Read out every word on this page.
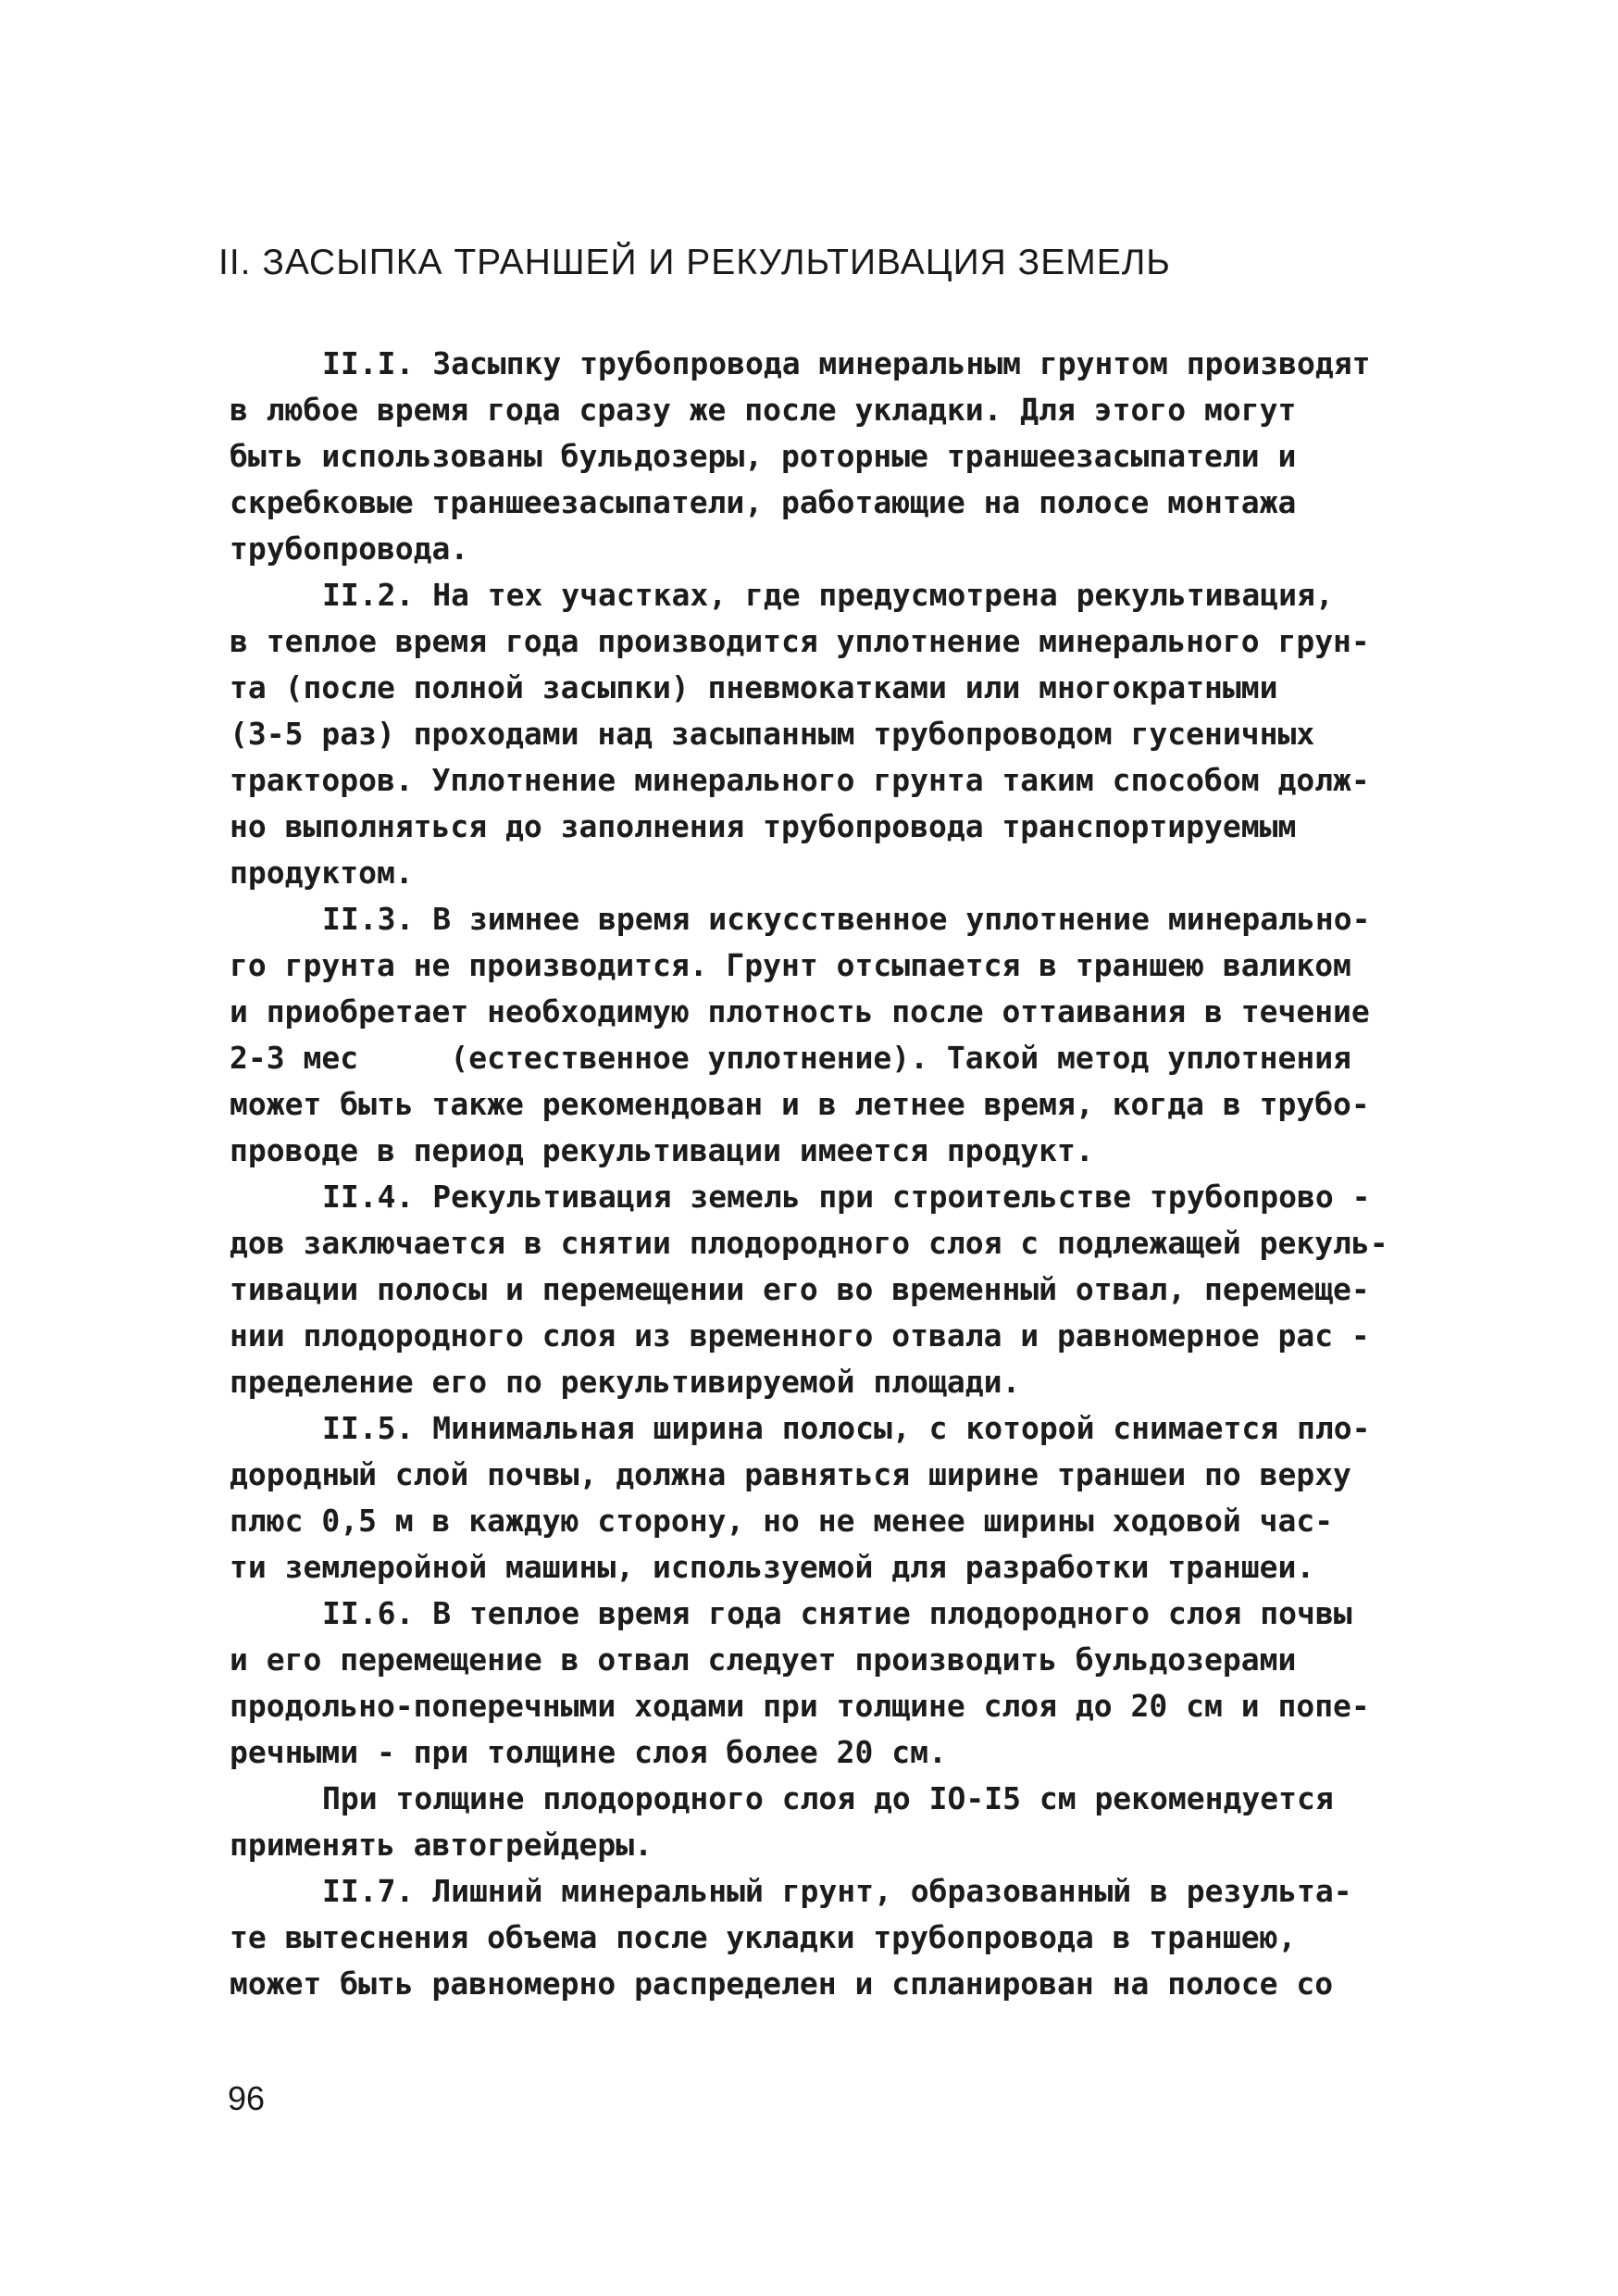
II. ЗАСЫПКА ТРАНШЕЙ И РЕКУЛЬТИВАЦИЯ ЗЕМЕЛЬ
II.I. Засыпку трубопровода минеральным грунтом производят
в любое время года сразу же после укладки. Для этого могут
быть использованы бульдозеры, роторные траншеезасыпатели и
скребковые траншеезасыпатели, работающие на полосе монтажа
трубопровода.
II.2. На тех участках, где предусмотрена рекультивация,
в теплое время года производится уплотнение минерального грун-
та (после полной засыпки) пневмокатками или многократными
(3-5 раз) проходами над засыпанным трубопроводом гусеничных
тракторов. Уплотнение минерального грунта таким способом долж-
но выполняться до заполнения трубопровода транспортируемым
продуктом.
II.3. В зимнее время искусственное уплотнение минерально-
го грунта не производится. Грунт отсыпается в траншею валиком
и приобретает необходимую плотность после оттаивания в течение
2-3 мес     (естественное уплотнение). Такой метод уплотнения
может быть также рекомендован и в летнее время, когда в трубо-
проводе в период рекультивации имеется продукт.
II.4. Рекультивация земель при строительстве трубопрово -
дов заключается в снятии плодородного слоя с подлежащей рекуль-
тивации полосы и перемещении его во временный отвал, перемеще-
нии плодородного слоя из временного отвала и равномерное рас -
пределение его по рекультивируемой площади.
II.5. Минимальная ширина полосы, с которой снимается пло-
дородный слой почвы, должна равняться ширине траншеи по верху
плюс 0,5 м в каждую сторону, но не менее ширины ходовой час-
ти землеройной машины, используемой для разработки траншеи.
II.6. В теплое время года снятие плодородного слоя почвы
и его перемещение в отвал следует производить бульдозерами
продольно-поперечными ходами при толщине слоя до 20 см и попе-
речными - при толщине слоя более 20 см.
При толщине плодородного слоя до IO-I5 см рекомендуется
применять автогрейдеры.
II.7. Лишний минеральный грунт, образованный в результа-
те вытеснения объема после укладки трубопровода в траншею,
может быть равномерно распределен и спланирован на полосе со
96
